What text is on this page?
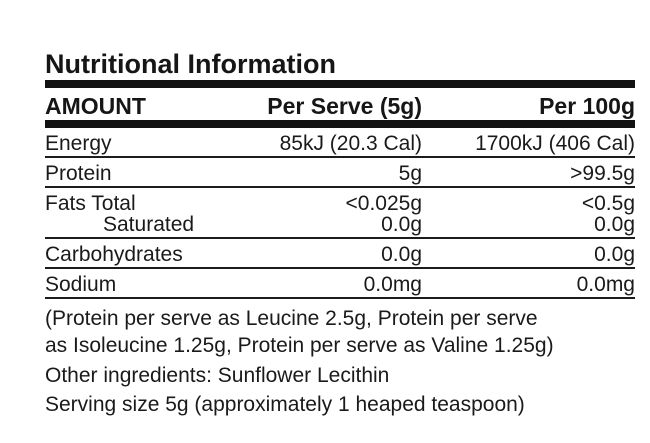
Nutritional Information
AMOUNT	Per Serve (5g)	Per 100g
Energy	85kJ (20.3 Cal)	1700kJ (406 Cal)
Protein	5g	>99.5g
Fats Total	<0.025g	<0.5g
Saturated	0.0g	0.0g
Carbohydrates	0.0g	0.0g
Sodium	0.0mg	0.0mg
(Protein per serve as Leucine 2.5g, Protein per serve
as Isoleucine 1.25g, Protein per serve as Valine 1.25g)
Other ingredients: Sunflower Lecithin
Serving size 5g (approximately 1 heaped teaspoon)
